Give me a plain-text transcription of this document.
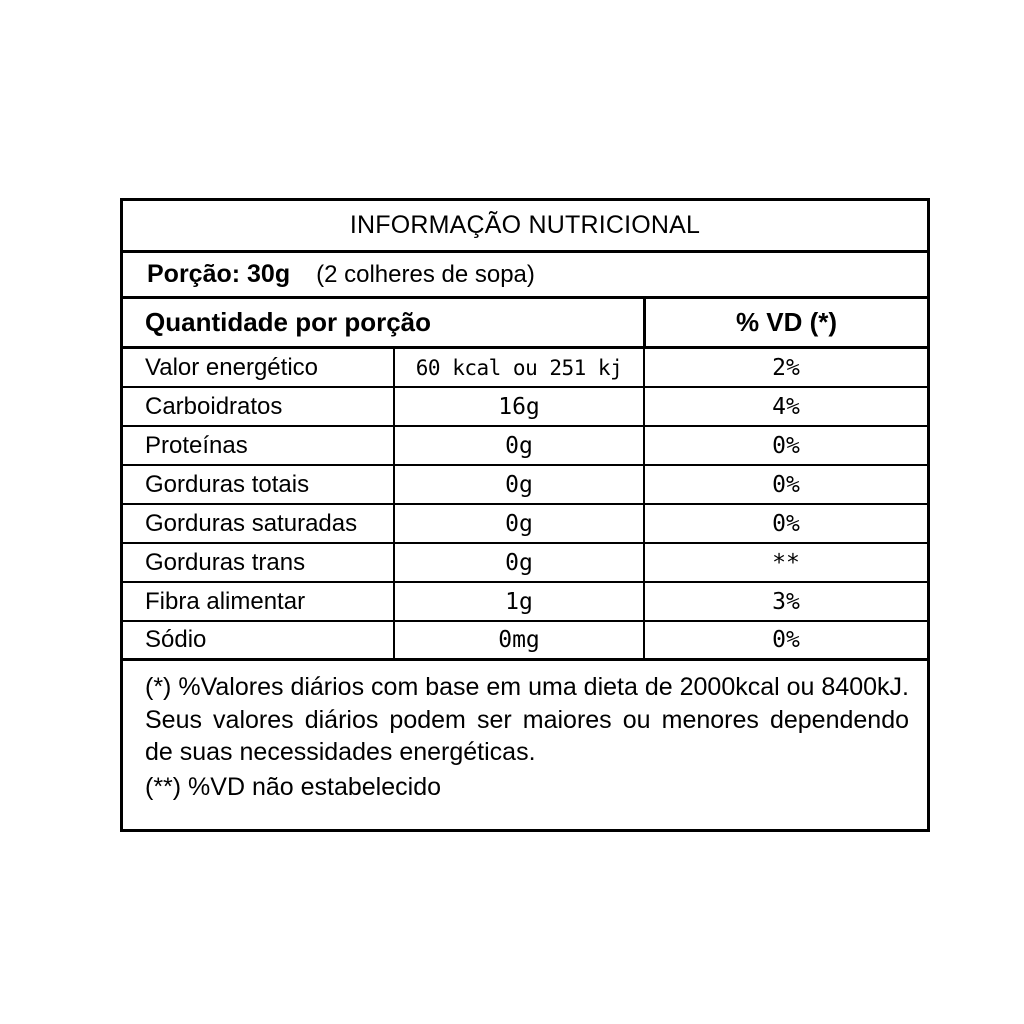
INFORMAÇÃO NUTRICIONAL
Porção: 30g (2 colheres de sopa)
Quantidade por porção	% VD (*)
Valor energético	60 kcal ou 251 kj	2%
Carboidratos	16g	4%
Proteínas	0g	0%
Gorduras totais	0g	0%
Gorduras saturadas	0g	0%
Gorduras trans	0g	**
Fibra alimentar	1g	3%
Sódio	0mg	0%

(*) %Valores diários com base em uma dieta de 2000kcal ou 8400kJ. Seus valores diários podem ser maiores ou menores dependendo de suas necessidades energéticas.

(**) %VD não estabelecido
